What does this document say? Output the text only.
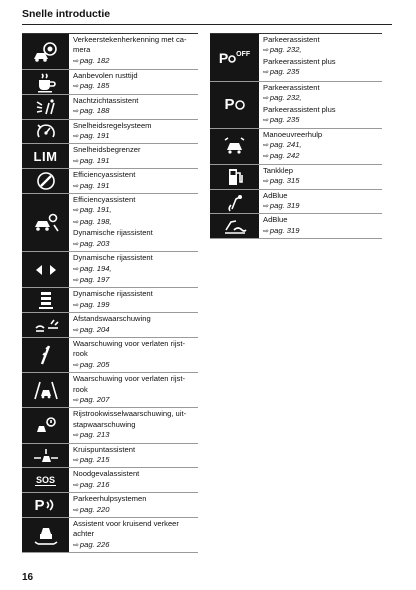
Snelle introductie
Verkeerstekenherkenning met ca-
mera
⇨pag. 182
Aanbevolen rusttijd
⇨pag. 185
Nachtzichtassistent
⇨pag. 188
Snelheidsregelsysteem
⇨pag. 191
LIM Snelheidsbegrenzer
⇨pag. 191
Efficiencyassistent
⇨pag. 191
Efficiencyassistent
⇨pag. 191,
⇨pag. 198,
Dynamische rijassistent
⇨pag. 203
Dynamische rijassistent
⇨pag. 194,
⇨pag. 197
Dynamische rijassistent
⇨pag. 199
Afstandswaarschuwing
⇨pag. 204
Waarschuwing voor verlaten rijst-
rook
⇨pag. 205
Waarschuwing voor verlaten rijst-
rook
⇨pag. 207
Rijstrookwisselwaarschuwing, uit-
stapwaarschuwing
⇨pag. 213
Kruispuntassistent
⇨pag. 215
SOS
Noodgevalassistent
⇨pag. 216
P	Parkeerhulpsystemen
⇨pag. 220
Assistent voor kruisend verkeer
achter
⇨pag. 226
P OFF
Parkeerassistent
⇨pag. 232,
Parkeerassistent plus
⇨pag. 235
P
Parkeerassistent
⇨pag. 232,
Parkeerassistent plus
⇨pag. 235
Manoeuvreerhulp
⇨pag. 241,
⇨pag. 242
Tankklep
⇨pag. 315
AdBlue
⇨pag. 319
AdBlue
⇨pag. 319
16
